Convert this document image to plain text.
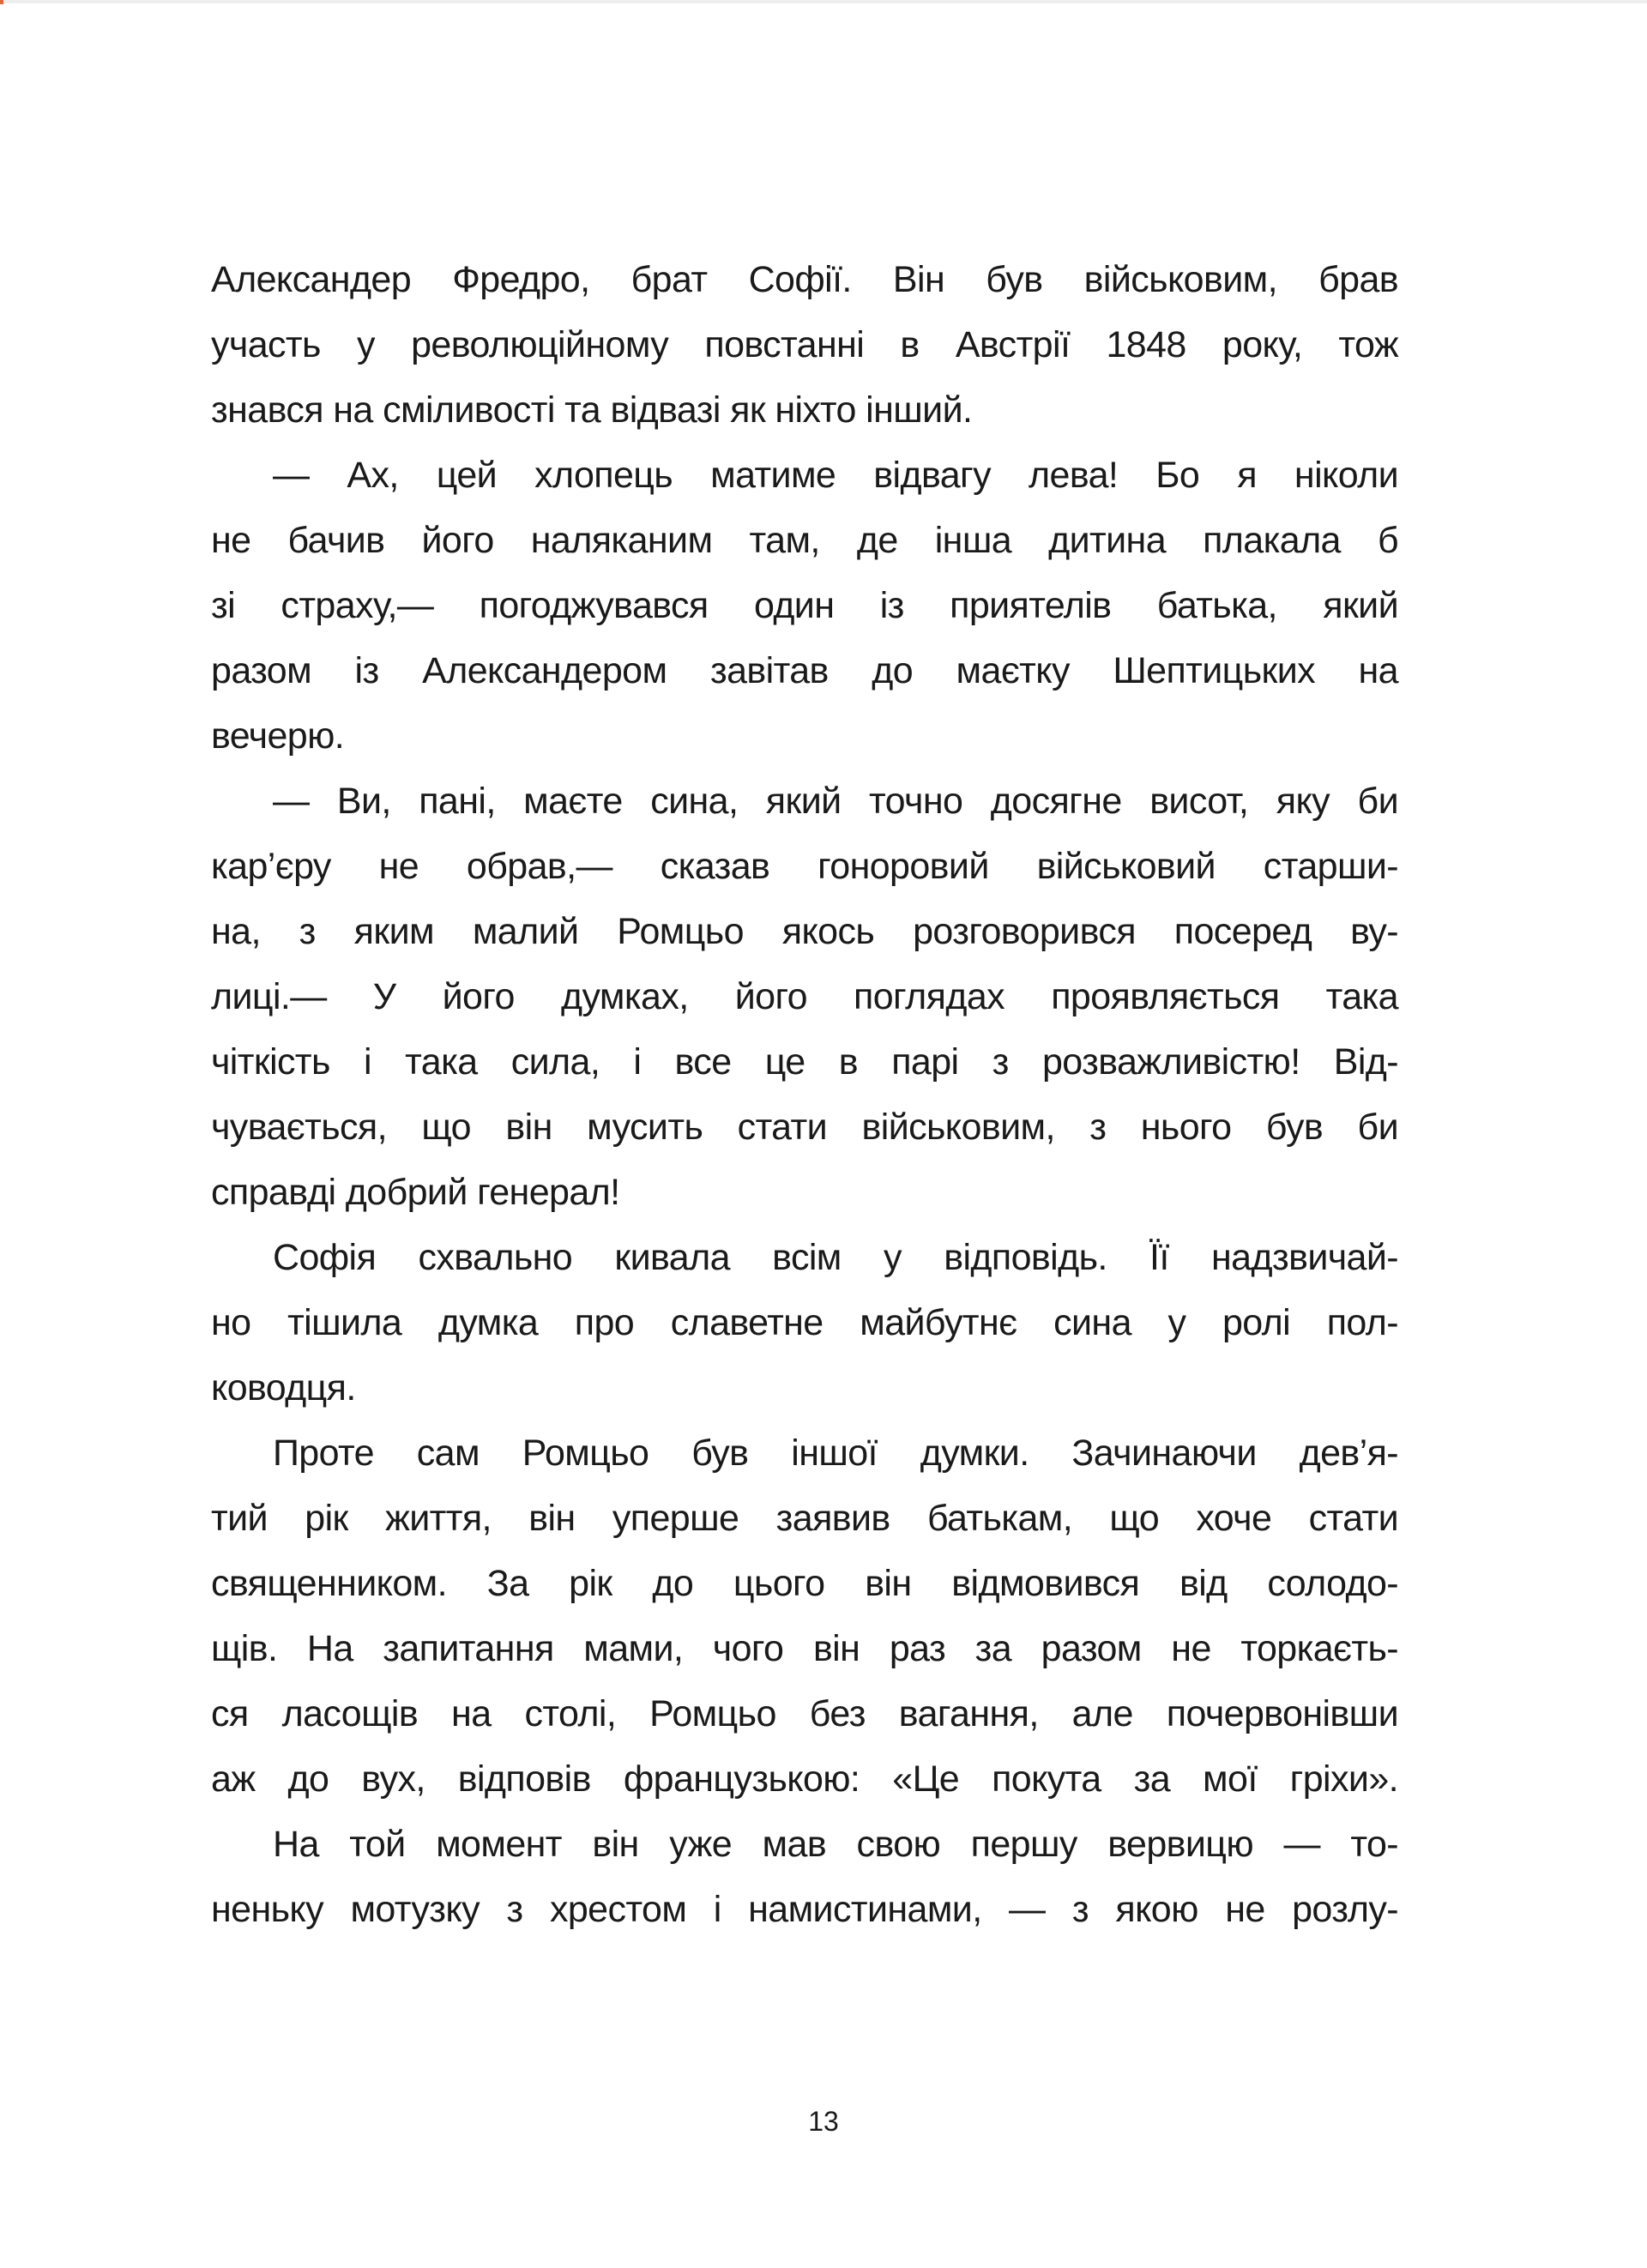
Александер Фредро, брат Софії. Він був військовим, брав
участь у революційному повстанні в Австрії 1848 року, тож
знався на сміливості та відвазі як ніхто інший.
— Ах, цей хлопець матиме відвагу лева! Бо я ніколи
не бачив його наляканим там, де інша дитина плакала б
зі страху,— погоджувався один із приятелів батька, який
разом із Александером завітав до маєтку Шептицьких на
вечерю.
— Ви, пані, маєте сина, який точно досягне висот, яку би
кар’єру не обрав,— сказав гоноровий військовий старши-
на, з яким малий Ромцьо якось розговорився посеред ву-
лиці.— У його думках, його поглядах проявляється така
чіткість і така сила, і все це в парі з розважливістю! Від-
чувається, що він мусить стати військовим, з нього був би
справді добрий генерал!
Софія схвально кивала всім у відповідь. Її надзвичай-
но тішила думка про славетне майбутнє сина у ролі пол-
ководця.
Проте сам Ромцьо був іншої думки. Зачинаючи дев’я-
тий рік життя, він уперше заявив батькам, що хоче стати
священником. За рік до цього він відмовився від солодо-
щів. На запитання мами, чого він раз за разом не торкаєть-
ся ласощів на столі, Ромцьо без вагання, але почервонівши
аж до вух, відповів французькою: «Це покута за мої гріхи».
На той момент він уже мав свою першу вервицю — то-
неньку мотузку з хрестом і намистинами, — з якою не розлу-
13
